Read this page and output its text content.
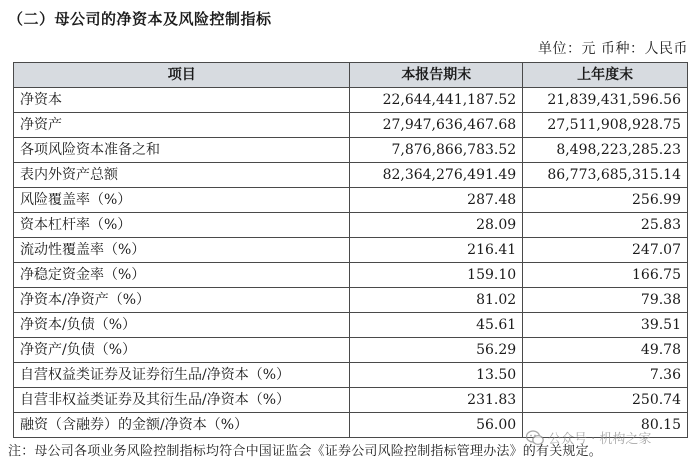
（二）母公司的净资本及风险控制指标
单位：元 币种：人民币
项目	本报告期末	上年度末
净资本	22,644,441,187.52	21,839,431,596.56
净资产	27,947,636,467.68	27,511,908,928.75
各项风险资本准备之和	7,876,866,783.52	8,498,223,285.23
表内外资产总额	82,364,276,491.49	86,773,685,315.14
风险覆盖率（%）	287.48	256.99
资本杠杆率（%）	28.09	25.83
流动性覆盖率（%）	216.41	247.07
净稳定资金率（%）	159.10	166.75
净资本/净资产（%）	81.02	79.38
净资本/负债（%）	45.61	39.51
净资产/负债（%）	56.29	49.78
自营权益类证券及证券衍生品/净资本（%）	13.50	7.36
自营非权益类证券及其衍生品/净资本（%）	231.83	250.74
融资（含融券）的金额/净资本（%）	56.00	80.15
注：母公司各项业务风险控制指标均符合中国证监会《证券公司风险控制指标管理办法》的有关规定。
公众号 · 机构之家
